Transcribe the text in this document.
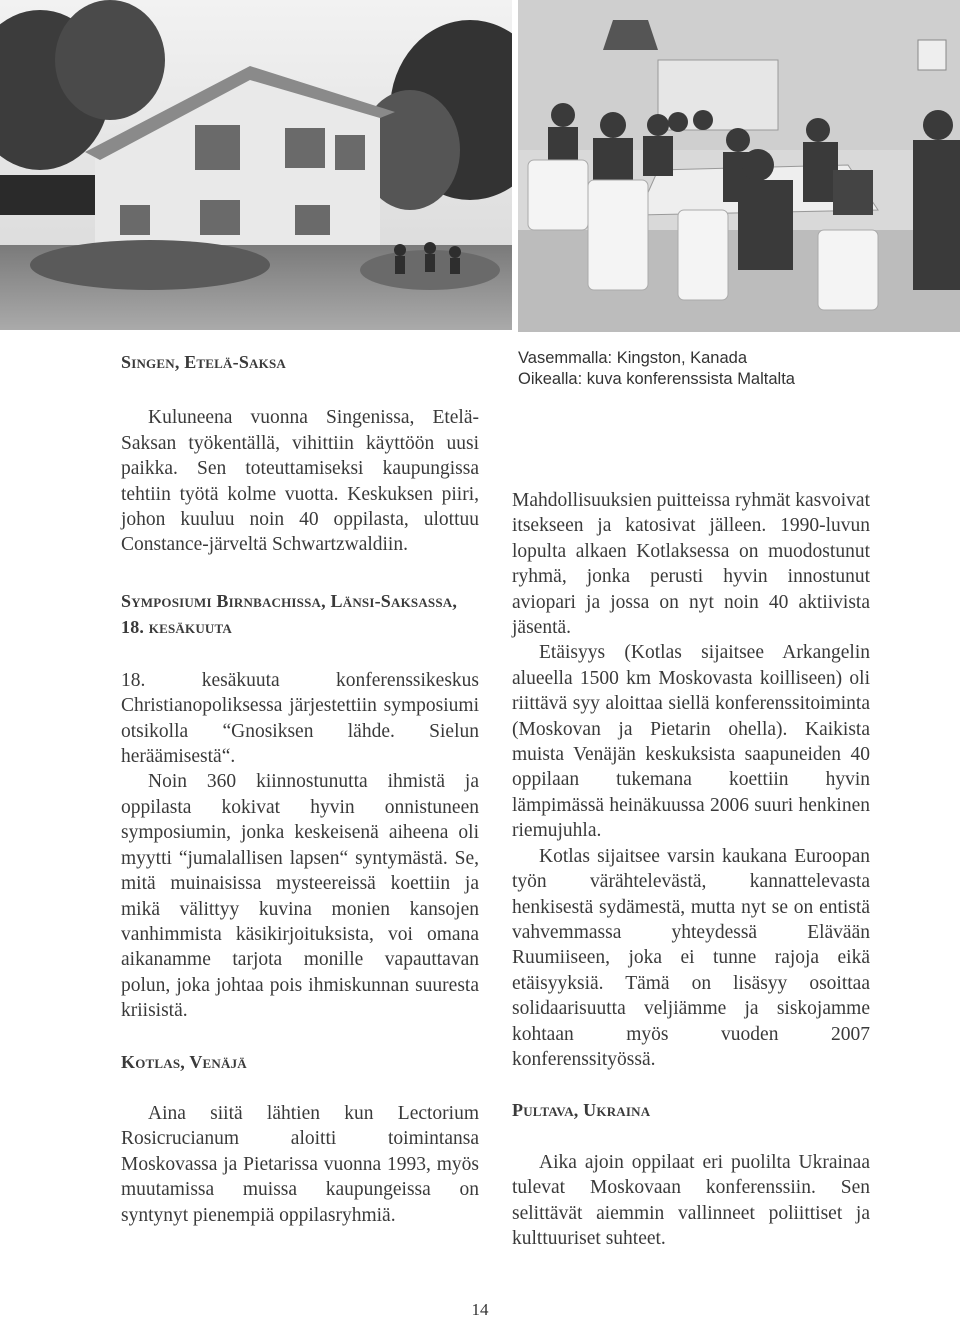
Singen, Etelä-Saksa

Kuluneena vuonna Singenissa, Etelä-Saksan työkentällä, vihittiin käyttöön uusi paikka. Sen toteuttamiseksi kaupungissa tehtiin työtä kolme vuotta. Keskuksen piiri, johon kuuluu noin 40 oppilasta, ulottuu Constance-järveltä Schwartzwaldiin.

Symposiumi Birnbachissa, Länsi-Saksassa, 18. kesäkuuta

18. kesäkuuta konferenssikeskus Christianopoliksessa järjestettiin symposiumi otsikolla “Gnosiksen lähde. Sielun heräämisestä“.

Noin 360 kiinnostunutta ihmistä ja oppilasta kokivat hyvin onnistuneen symposiumin, jonka keskeisenä aiheena oli myytti “jumalallisen lapsen“ syntymästä. Se, mitä muinaisissa mysteereissä koettiin ja mikä välittyy kuvina monien kansojen vanhimmista käsikirjoituksista, voi omana aikanamme tarjota monille vapauttavan polun, joka johtaa pois ihmiskunnan suuresta kriisistä.

Kotlas, Venäjä

Aina siitä lähtien kun Lectorium Rosicrucianum aloitti toimintansa Moskovassa ja Pietarissa vuonna 1993, myös muutamissa muissa kaupungeissa on syntynyt pienempiä oppilasryhmiä.

Vasemmalla: Kingston, Kanada
Oikealla: kuva konferenssista Maltalta

Mahdollisuuksien puitteissa ryhmät kasvoivat itsekseen ja katosivat jälleen. 1990-luvun lopulta alkaen Kotlaksessa on muodostunut ryhmä, jonka perusti hyvin innostunut aviopari ja jossa on nyt noin 40 aktiivista jäsentä.

Etäisyys (Kotlas sijaitsee Arkangelin alueella 1500 km Moskovasta koilliseen) oli riittävä syy aloittaa siellä konferenssitoiminta (Moskovan ja Pietarin ohella). Kaikista muista Venäjän keskuksista saapuneiden 40 oppilaan tukemana koettiin hyvin lämpimässä heinäkuussa 2006 suuri henkinen riemujuhla.

Kotlas sijaitsee varsin kaukana Euroopan työn värähtelevästä, kannattelevasta henkisestä sydämestä, mutta nyt se on entistä vahvemmassa yhteydessä Elävään Ruumiiseen, joka ei tunne rajoja eikä etäisyyksiä. Tämä on lisäsyy osoittaa solidaarisuutta veljiämme ja siskojamme kohtaan myös vuoden 2007 konferenssityössä.

Pultava, Ukraina

Aika ajoin oppilaat eri puolilta Ukrainaa tulevat Moskovaan konferenssiin. Sen selittävät aiemmin vallinneet poliittiset ja kulttuuriset suhteet.

14
